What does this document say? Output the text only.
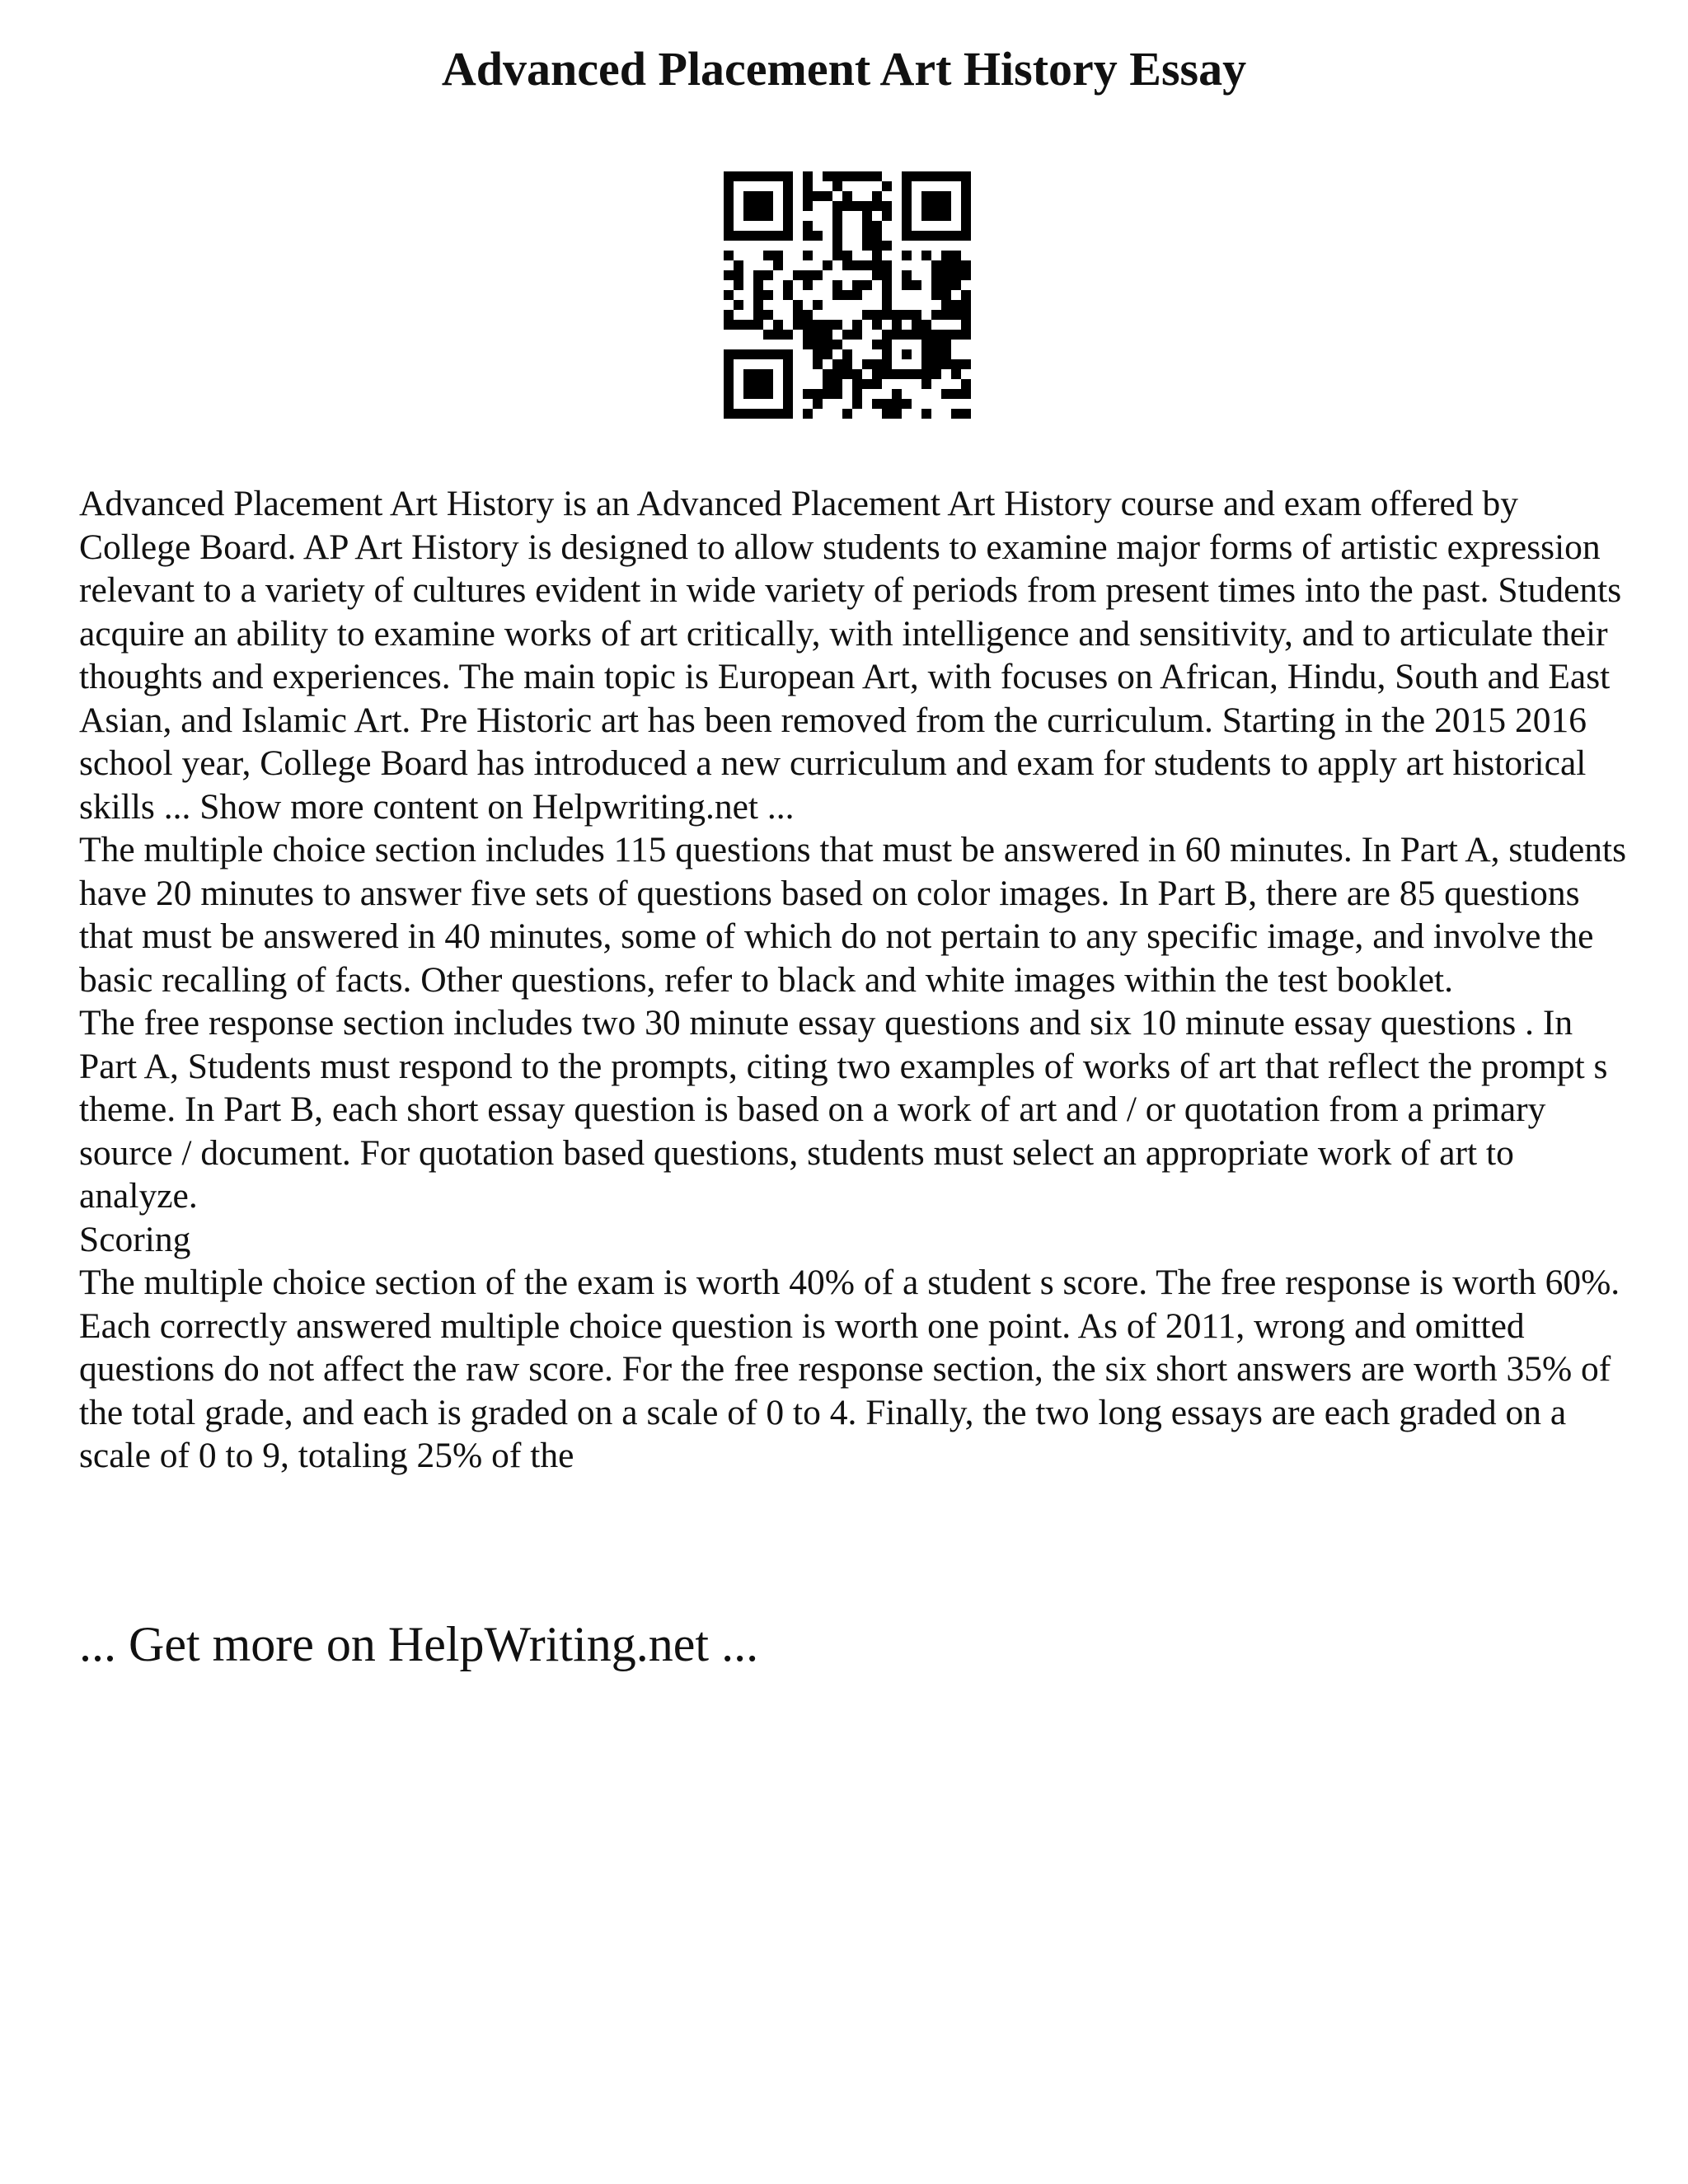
Advanced Placement Art History Essay

Advanced Placement Art History is an Advanced Placement Art History course and exam offered by College Board. AP Art History is designed to allow students to examine major forms of artistic expression relevant to a variety of cultures evident in wide variety of periods from present times into the past. Students acquire an ability to examine works of art critically, with intelligence and sensitivity, and to articulate their thoughts and experiences. The main topic is European Art, with focuses on African, Hindu, South and East Asian, and Islamic Art. Pre Historic art has been removed from the curriculum. Starting in the 2015 2016 school year, College Board has introduced a new curriculum and exam for students to apply art historical skills ... Show more content on Helpwriting.net ...

The multiple choice section includes 115 questions that must be answered in 60 minutes. In Part A, students have 20 minutes to answer five sets of questions based on color images. In Part B, there are 85 questions that must be answered in 40 minutes, some of which do not pertain to any specific image, and involve the basic recalling of facts. Other questions, refer to black and white images within the test booklet.

The free response section includes two 30 minute essay questions and six 10 minute essay questions . In Part A, Students must respond to the prompts, citing two examples of works of art that reflect the prompt s theme. In Part B, each short essay question is based on a work of art and / or quotation from a primary source / document. For quotation based questions, students must select an appropriate work of art to analyze.

Scoring

The multiple choice section of the exam is worth 40% of a student s score. The free response is worth 60%. Each correctly answered multiple choice question is worth one point. As of 2011, wrong and omitted questions do not affect the raw score. For the free response section, the six short answers are worth 35% of the total grade, and each is graded on a scale of 0 to 4. Finally, the two long essays are each graded on a scale of 0 to 9, totaling 25% of the

... Get more on HelpWriting.net ...
